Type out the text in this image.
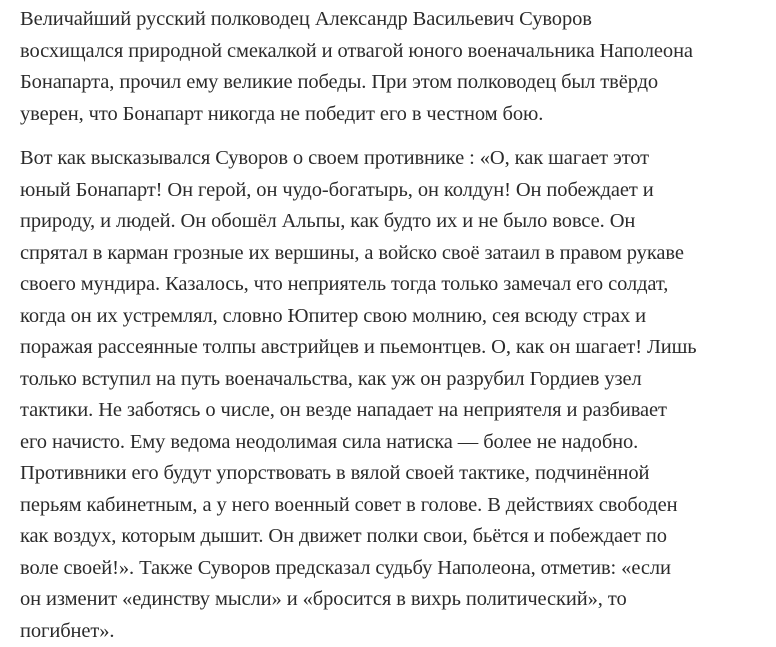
Величайший русский полководец Александр Васильевич Суворов
восхищался природной смекалкой и отвагой юного военачальника Наполеона
Бонапарта, прочил ему великие победы. При этом полководец был твёрдо
уверен, что Бонапарт никогда не победит его в честном бою.

Вот как высказывался Суворов о своем противнике : «О, как шагает этот
юный Бонапарт! Он герой, он чудо-богатырь, он колдун! Он побеждает и
природу, и людей. Он обошёл Альпы, как будто их и не было вовсе. Он
спрятал в карман грозные их вершины, а войско своё затаил в правом рукаве
своего мундира. Казалось, что неприятель тогда только замечал его солдат,
когда он их устремлял, словно Юпитер свою молнию, сея всюду страх и
поражая рассеянные толпы австрийцев и пьемонтцев. О, как он шагает! Лишь
только вступил на путь военачальства, как уж он разрубил Гордиев узел
тактики. Не заботясь о числе, он везде нападает на неприятеля и разбивает
его начисто. Ему ведома неодолимая сила натиска — более не надобно.
Противники его будут упорствовать в вялой своей тактике, подчинённой
перьям кабинетным, а у него военный совет в голове. В действиях свободен
как воздух, которым дышит. Он движет полки свои, бьётся и побеждает по
воле своей!». Также Суворов предсказал судьбу Наполеона, отметив: «если
он изменит «единству мысли» и «бросится в вихрь политический», то
погибнет».
